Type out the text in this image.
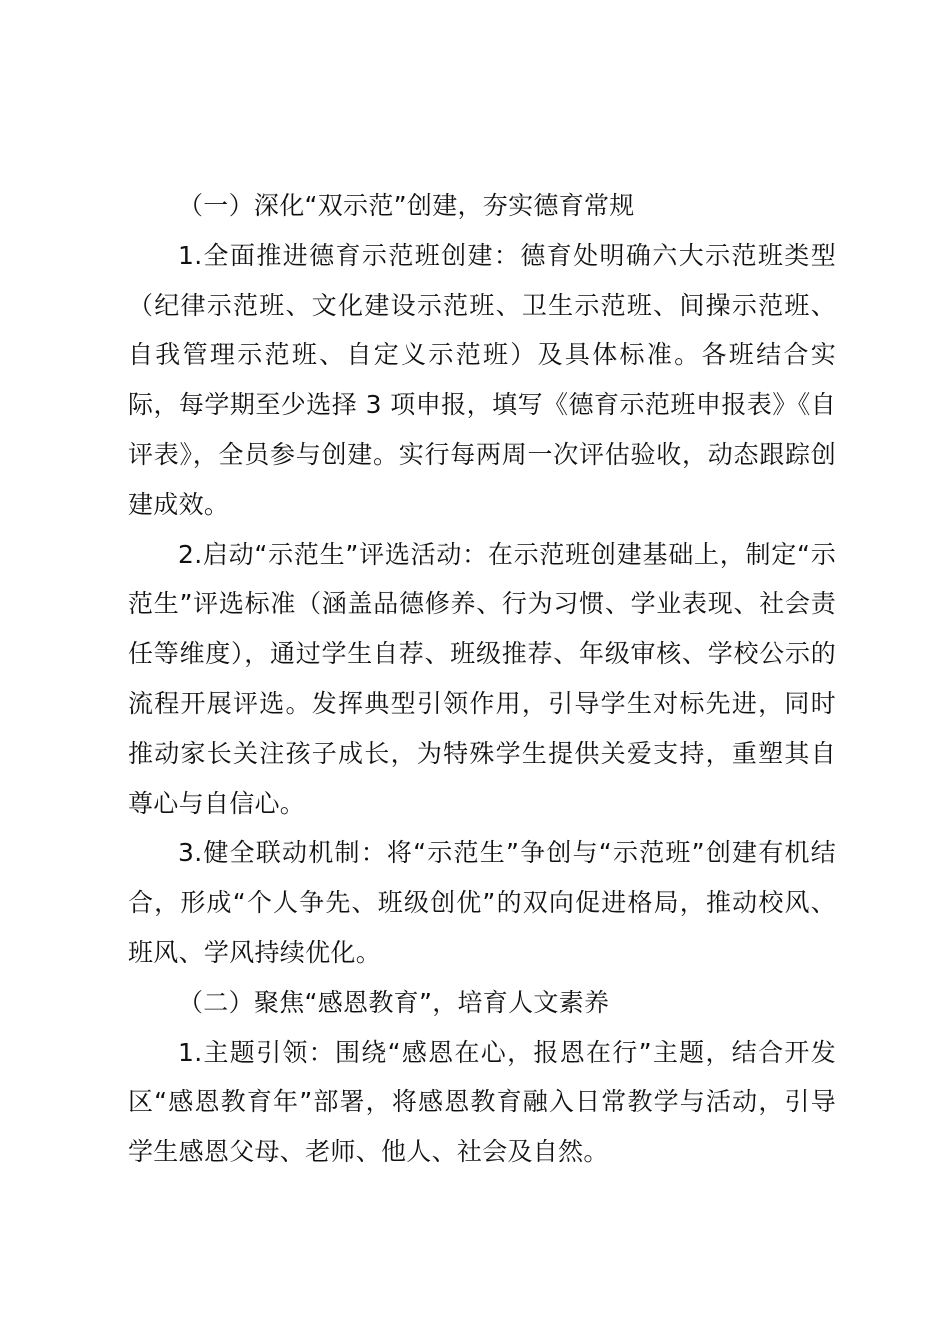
（一）深化“双示范”创建，夯实德育常规

1.全面推进德育示范班创建：德育处明确六大示范班类型（纪律示范班、文化建设示范班、卫生示范班、间操示范班、自我管理示范班、自定义示范班）及具体标准。各班结合实际，每学期至少选择 3 项申报，填写《德育示范班申报表》《自评表》，全员参与创建。实行每两周一次评估验收，动态跟踪创建成效。

2.启动“示范生”评选活动：在示范班创建基础上，制定“示范生”评选标准（涵盖品德修养、行为习惯、学业表现、社会责任等维度），通过学生自荐、班级推荐、年级审核、学校公示的流程开展评选。发挥典型引领作用，引导学生对标先进，同时推动家长关注孩子成长，为特殊学生提供关爱支持，重塑其自尊心与自信心。

3.健全联动机制：将“示范生”争创与“示范班”创建有机结合，形成“个人争先、班级创优”的双向促进格局，推动校风、班风、学风持续优化。

（二）聚焦“感恩教育”，培育人文素养

1.主题引领：围绕“感恩在心，报恩在行”主题，结合开发区“感恩教育年”部署，将感恩教育融入日常教学与活动，引导学生感恩父母、老师、他人、社会及自然。
